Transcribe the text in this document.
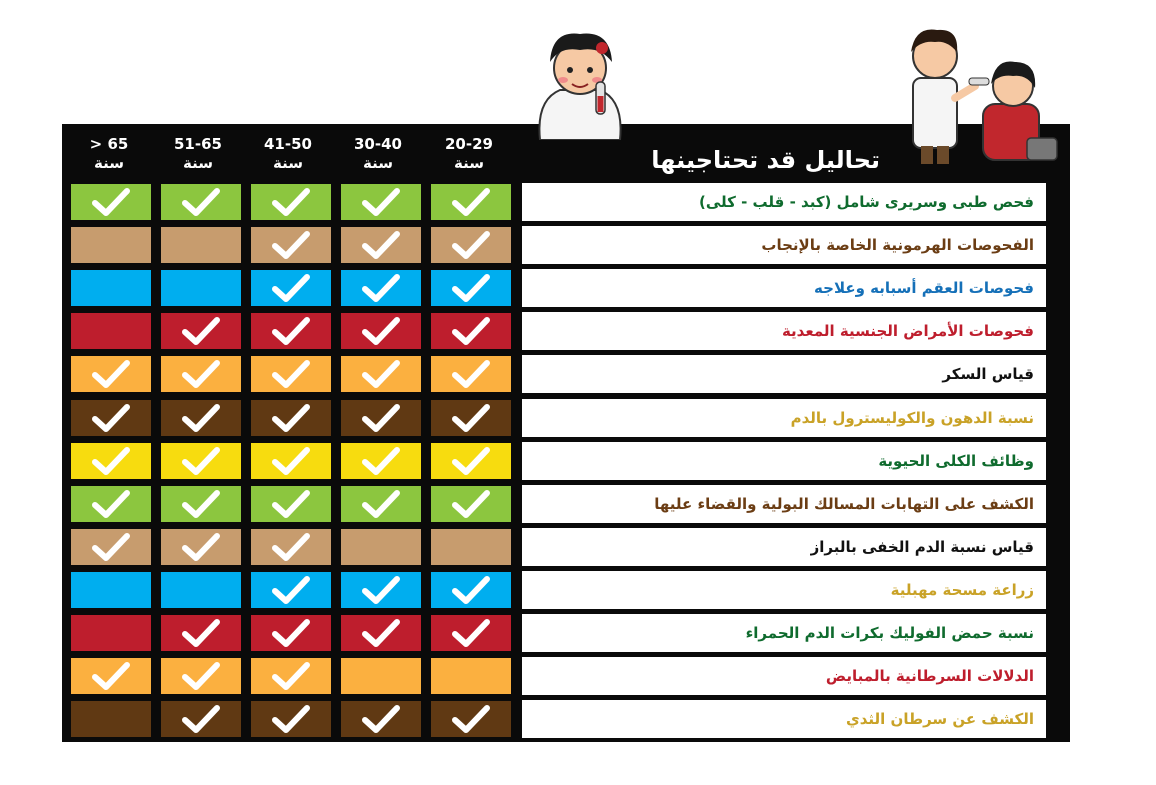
تحاليل قد تحتاجينها
20-29
سنة
30-40
سنة
41-50
سنة
51-65
سنة
65 <
سنة
فحص طبى وسريرى شامل (كبد - قلب - كلى)
الفحوصات الهرمونية الخاصة بالإنجاب
فحوصات العقم أسبابه وعلاجه
فحوصات الأمراض الجنسية المعدية
قياس السكر
نسبة الدهون والكوليسترول بالدم
وظائف الكلى الحيوية
الكشف على التهابات المسالك البولية والقضاء عليها
قياس نسبة الدم الخفى بالبراز
زراعة مسحة مهبلية
نسبة حمض الفوليك بكرات الدم الحمراء
الدلالات السرطانية بالمبايض
الكشف عن سرطان الثدي
